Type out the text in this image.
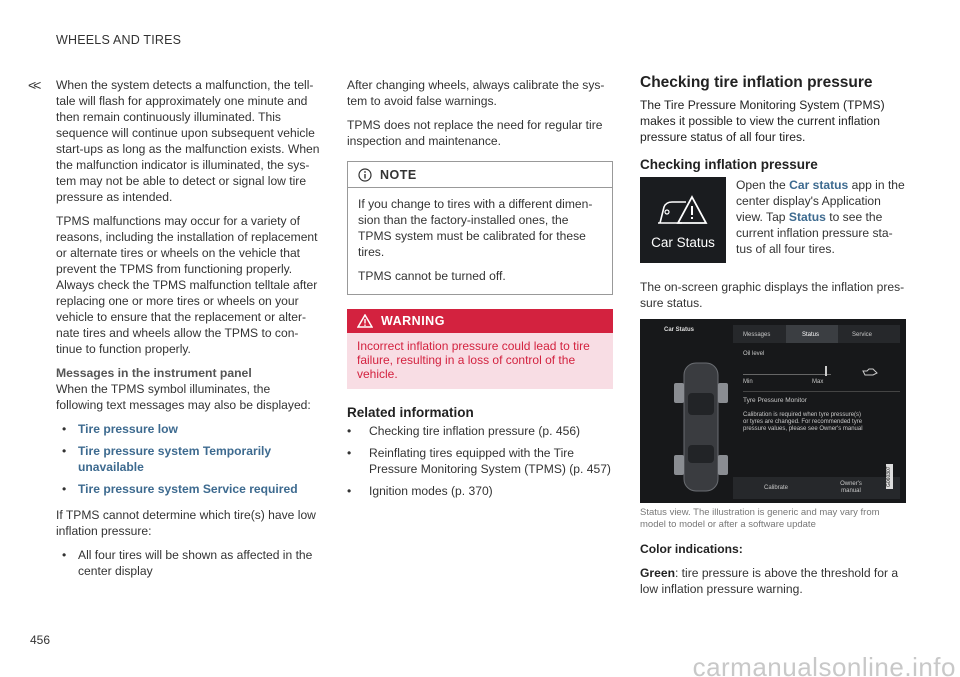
WHEELS AND TIRES
<< When the system detects a malfunction, the tell-tale will flash for approximately one minute and then remain continuously illuminated. This sequence will continue upon subsequent vehicle start-ups as long as the malfunction exists. When the malfunction indicator is illuminated, the sys-tem may not be able to detect or signal low tire pressure as intended.

TPMS malfunctions may occur for a variety of reasons, including the installation of replacement or alternate tires or wheels on the vehicle that prevent the TPMS from functioning properly. Always check the TPMS malfunction telltale after replacing one or more tires or wheels on your vehicle to ensure that the replacement or alter-nate tires and wheels allow the TPMS to con-tinue to function properly.

Messages in the instrument panel

When the TPMS symbol illuminates, the following text messages may also be displayed:

• Tire pressure low
• Tire pressure system Temporarily unavailable
• Tire pressure system Service required

If TPMS cannot determine which tire(s) have low inflation pressure:

• All four tires will be shown as affected in the center display

After changing wheels, always calibrate the sys-tem to avoid false warnings.

TPMS does not replace the need for regular tire inspection and maintenance.

NOTE

If you change to tires with a different dimen-sion than the factory-installed ones, the TPMS system must be calibrated for these tires.

TPMS cannot be turned off.

WARNING
Incorrect inflation pressure could lead to tire failure, resulting in a loss of control of the vehicle.
Related information
•	Checking tire inflation pressure (p. 456)
•	Reinflating tires equipped with the Tire Pressure Monitoring System (TPMS) (p. 457)
•	Ignition modes (p. 370)
Checking tire inflation pressure

The Tire Pressure Monitoring System (TPMS) makes it possible to view the current inflation pressure status of all four tires.

Checking inflation pressure
Car Status

Open the Car status app in the center display's Application view. Tap Status to see the current inflation pressure sta-tus of all four tires.

The on-screen graphic displays the inflation pres-sure status.

Car Status
Messages	Status	Service
Oil level
Min	Max
Tyre Pressure Monitor
Calibration is required when tyre pressure(s) or tyres are changed. For recommended tyre pressure values, please see Owner's manual
Calibrate
Owner's manual
G060307
Status view. The illustration is generic and may vary from model to model or after a software update
Color indications:

Green: tire pressure is above the threshold for a low inflation pressure warning.

456
carmanualsonline.info
